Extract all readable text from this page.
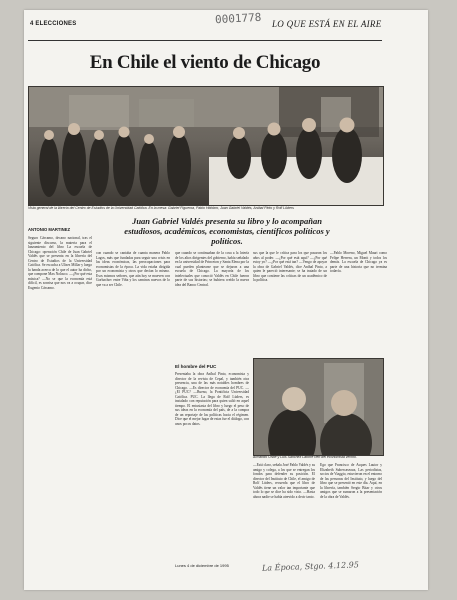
4 ELECCIONES	0001778 LO QUE ESTÁ EN EL AIRE
En Chile el viento de Chicago
Vista general de la librería del Centro de Estudios de la Universidad Católica. En la mesa: Gabriel Figueroa, Pablo Hidobro, Juan Gabriel Valdés, Aníbal Pinto y Rolf Lüders
ANTONIO MARTINEZ
Juan Gabriel Valdés presenta su libro y lo acompañan estudiosos, académicos, economistas, científicos políticos y políticos.
Seguro Cárcamo, decano nacional, tras el siguiente discurso, la materia para el lanzamiento del libro La escuela de Chicago: operación Chile de Juan Gabriel Valdés que se presenta en la librería del Centro de Estudios de la Universidad Católica. Se escucha a Ulises Millar y luego la banda acerca de lo que el autor ha dicho, que compone Max Nolasco. —¿Por qué esta música? —No se que la economía está difícil, es sonrisa que nos va a ocupar, dice Eugenio Cárcamo.
con cuando se cantaba de cuanta manera Pablo Lagos, más que fundadas para seguir una crisis en las ideas económicas, las preocupaciones para economistas de la época. La vida estaba dirigida por un economista y otros que decían lo mismo. Esos mismos señores, que aún hoy se mueven con Gorbachov entre Viña y los caminos nuevos de lo que va a ser Chile.
que cuando se continuaban de la cosa a la lotería de los altos dirigentes del gobierno, había señalado en la universidad de Princeton y Santa Elena por la cual pueden plantearse que se dejaron a una escuela de Chicago. La mayoría de los intelectuales que conoció Valdés en Chile fueron parte de sus historias; se hubiera creído la nueva idea del Banco Central.
sus que la que le crítica para los que pasaron los años al poder. —¿Por qué está aquí? —¿Por qué estoy yo? —¿Por qué está tan? —Vengo de apoyar la obra de Gabriel Valdés, dice Aníbal Pinto, a quien le pareció interesante; se ha tratado de un libro que contiene las críticas de un académico de la política.
—Pablo Moreno, Miguel Mauri como Felipe Herrera, un Montt y todos los demás. La escuela de Chicago ya es parte de una historia que no termina todavía.
El hombre del PUC
Presentaba la obra Aníbal Pinto, economista y director de la revista de Cepal, y también otra presencia, una de las más notables hombres de Chicago. —Es director de economía del PUC. —¿El PUC? —Bueno, la Pontificia Universidad Católica. PUC. La llega de Rolf Lüders, es instalado con reputación para quien salió en aquel tiempo. El entusiasta del libro y luego el peso de sus ideas en la economía del país, de a la compra de un reportaje de las políticas hacia el régimen. Dice que el mejor lugar de estas fue el diálogo, con unos pocos datos.
Armando Uribe y Luis Sánchez Latorre ríen del economista vecino.
—Está claro, señala José Pablo Valdés y su amigo y colega, a los que se entregan los fondos para defender su posición. El director del Instituto de Chile, el amigo de Rolf Lüders, recuerda que el libro de Valdés tiene un valor tan importante que todo lo que se dice ha sido visto. —Hasta ahora nadie se había atrevido a decir tanto.
Ego que Francisco de Asques Lautor y Elizabeth Subercaseaux, Las periodistas, socios de Viaggio, estuvieron en el entorno de las personas del Instituto, y luego del libro que se presentó en este día. Aquí, en la librería, también Sergio Bitar y otros amigos que se sumaron a la presentación de la obra de Valdés.
Lunes 4 de diciembre de 1995	La Época, Stgo. 4.12.95
